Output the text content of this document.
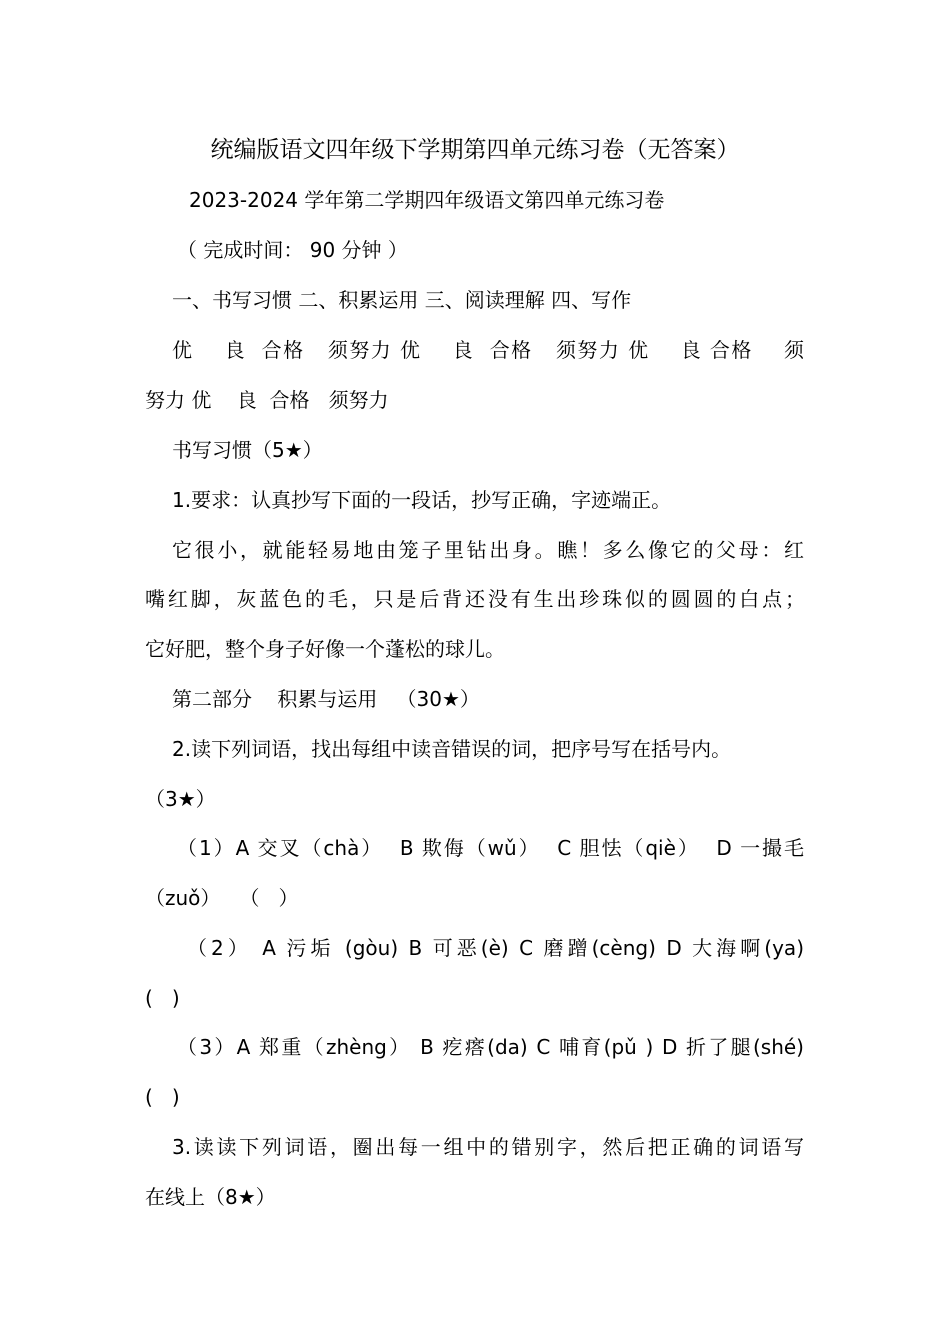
统编版语文四年级下学期第四单元练习卷（无答案）
2023-2024 学年第二学期四年级语文第四单元练习卷
（ 完成时间： 90 分钟 ）
一、书写习惯 二、积累运用 三、阅读理解 四、写作
优    良  合格   须努力 优    良  合格   须努力 优    良 合格    须
努力 优    良  合格   须努力
书写习惯（5★）
1.要求：认真抄写下面的一段话，抄写正确，字迹端正。
它很小，就能轻易地由笼子里钻出身。瞧！多么像它的父母：红
嘴红脚，灰蓝色的毛，只是后背还没有生出珍珠似的圆圆的白点；
它好肥，整个身子好像一个蓬松的球儿。
第二部分    积累与运用   （30★）
2.读下列词语，找出每组中读音错误的词，把序号写在括号内。
（3★）
（1）A 交叉（chà）  B 欺侮（wǔ）  C 胆怯（qiè）  D 一撮毛
（zuǒ）   （   ）
（2） A 污垢 (gòu) B 可恶(è) C 磨蹭(cèng) D 大海啊(ya)
(   )
（3）A 郑重（zhèng） B 疙瘩(da) C 哺育(pǔ ) D 折了腿(shé)
(   )
3.读读下列词语，圈出每一组中的错别字，然后把正确的词语写
在线上（8★）
